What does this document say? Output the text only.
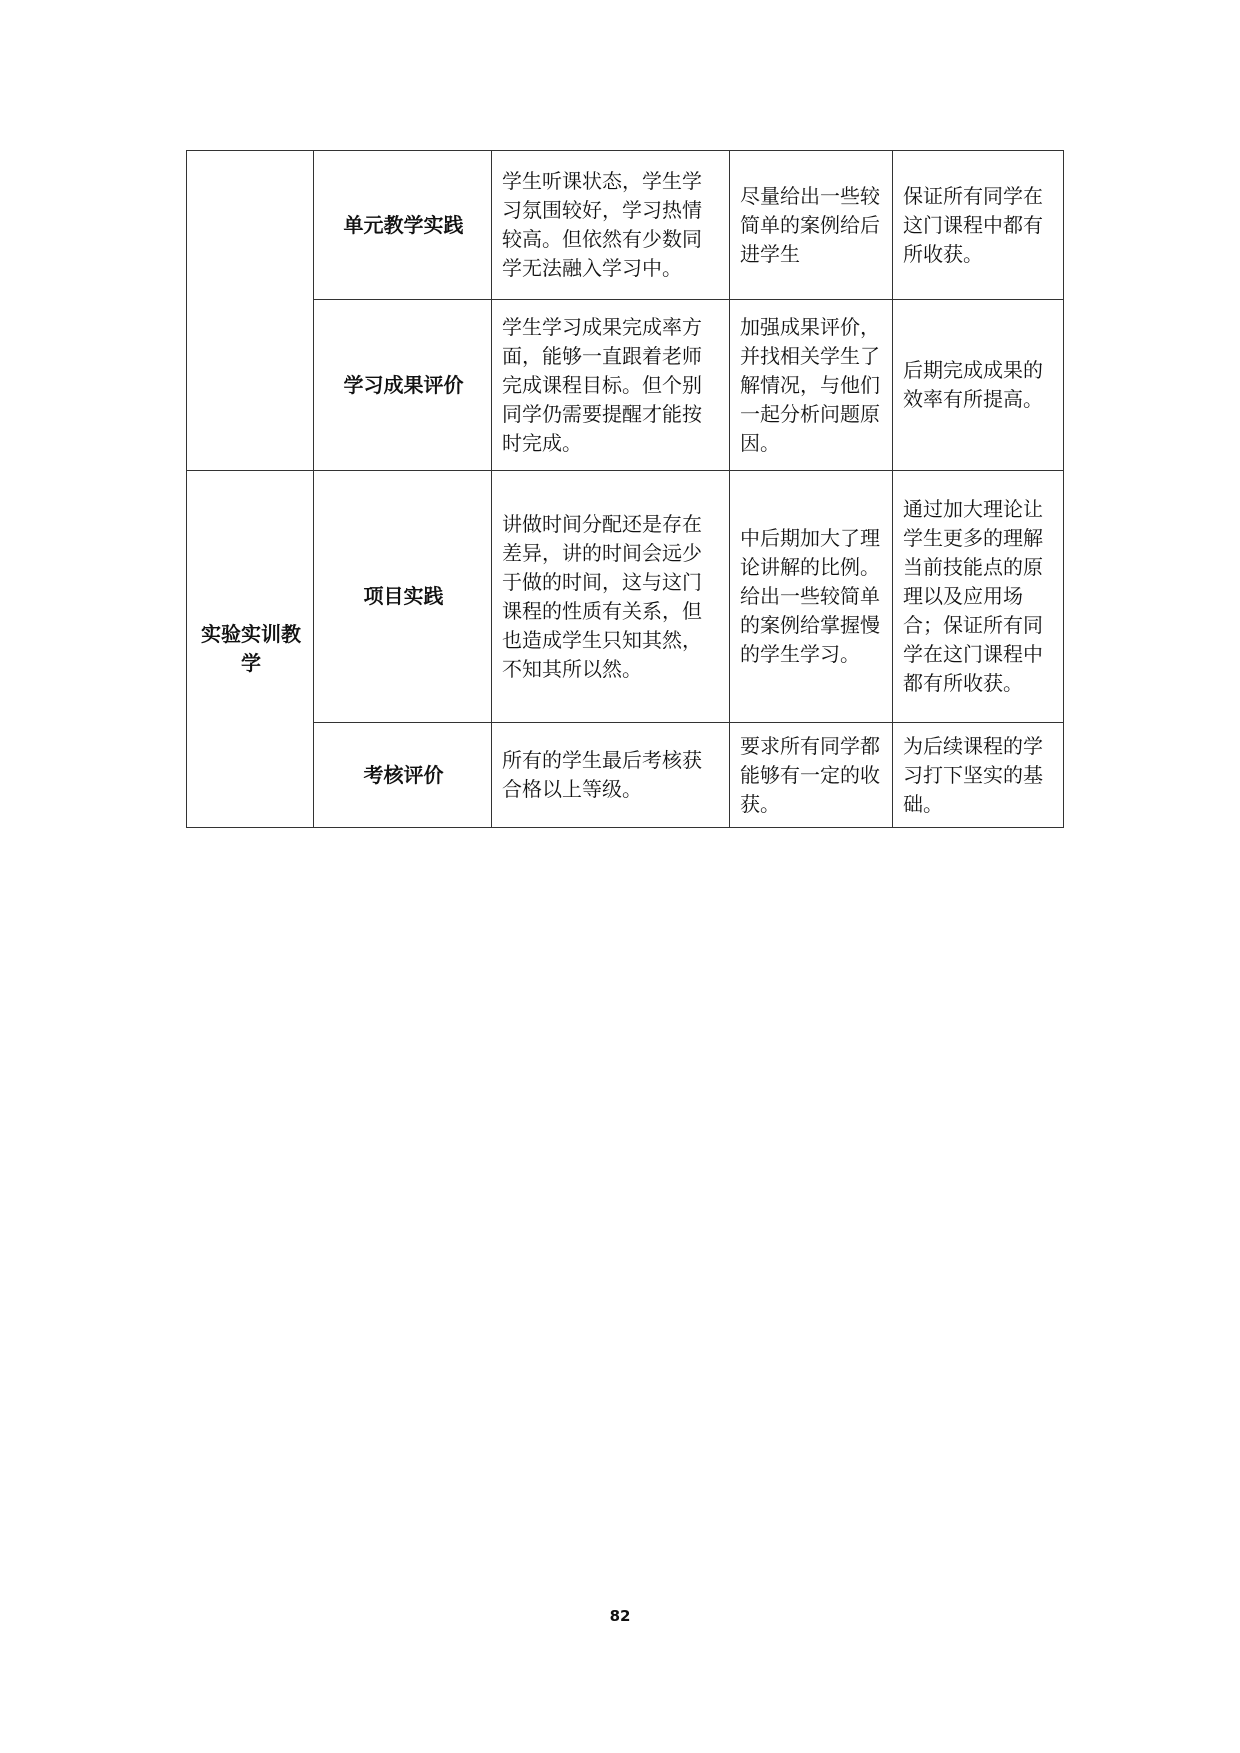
	单元教学实践	学生听课状态，学生学习氛围较好，学习热情较高。但依然有少数同学无法融入学习中。	尽量给出一些较简单的案例给后进学生	保证所有同学在这门课程中都有所收获。
	学习成果评价	学生学习成果完成率方面，能够一直跟着老师完成课程目标。但个别同学仍需要提醒才能按时完成。	加强成果评价，并找相关学生了解情况，与他们一起分析问题原因。	后期完成成果的效率有所提高。
实验实训教学	项目实践	讲做时间分配还是存在差异，讲的时间会远少于做的时间，这与这门课程的性质有关系，但也造成学生只知其然，不知其所以然。	中后期加大了理论讲解的比例。给出一些较简单的案例给掌握慢的学生学习。	通过加大理论让学生更多的理解当前技能点的原理以及应用场合；保证所有同学在这门课程中都有所收获。
	考核评价	所有的学生最后考核获合格以上等级。	要求所有同学都能够有一定的收获。	为后续课程的学习打下坚实的基础。
82
